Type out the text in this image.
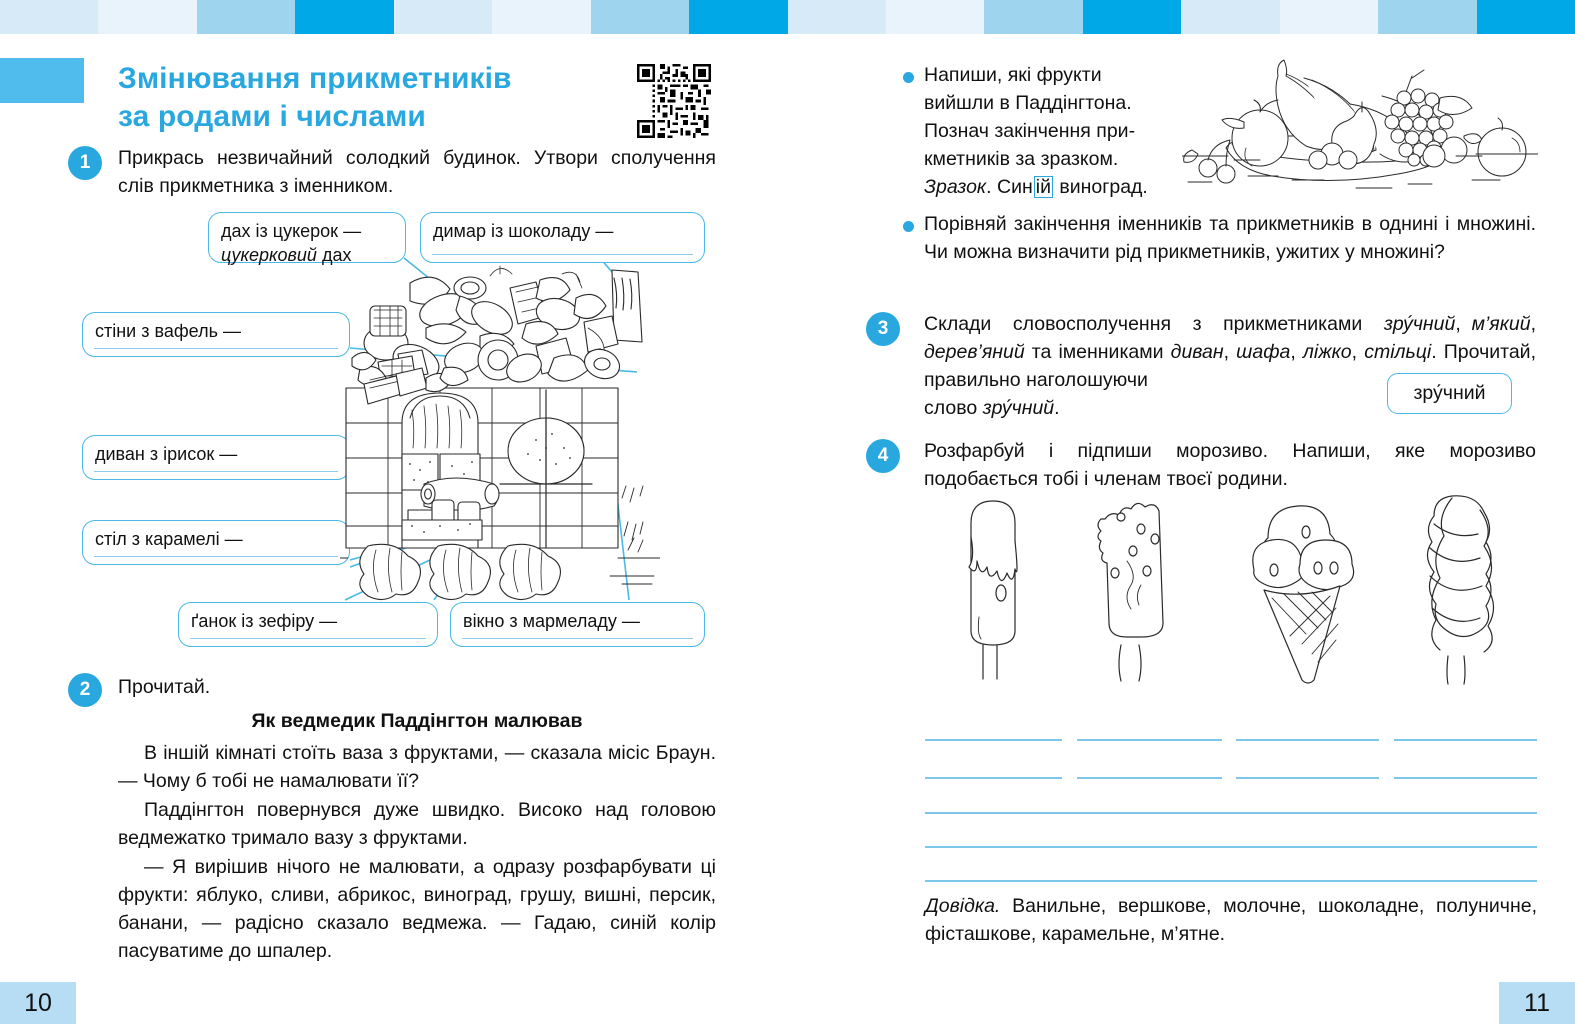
10	11
Змінювання прикметників
за родами і числами
1	Прикрась незвичайний солодкий будинок. Утвори сполучення слів прикметника з іменником.
дах із цукерок —
цукерковий дах
димар із шоколаду —
стіни з вафель —
диван з ірисок —
стіл з карамелі —
ґанок із зефіру —	вікно з мармеладу —
2	Прочитай.
Як ведмедик Паддінгтон малював
В іншій кімнаті стоїть ваза з фруктами, — сказала місіс Браун. — Чому б тобі не намалювати її?
Паддінгтон повернувся дуже швидко. Високо над головою ведмежатко тримало вазу з фруктами.
— Я вирішив нічого не малювати, а одразу розфарбувати ці фрукти: яблуко, сливи, абрикос, виноград, грушу, вишні, персик, банани, — радісно сказало ведмежа. — Гадаю, синій колір пасуватиме до шпалер.
Напиши, які фрукти
вийшли в Паддінгтона.
Познач закінчення при-
кметників за зразком.
Зразок. Син ій виноград.
Порівняй закінчення іменників та прикметників в однині і множині. Чи можна визначити рід прикметників, ужитих у множині?
3	Склади  словосполучення  з  прикметниками  зру́чний, м’який, дерев’яний та іменниками диван, шафа, ліжко, стільці. Прочитай, правильно наголошуючи
слово зру́чний.
зру́чний
4	Розфарбуй і підпиши морозиво. Напиши, яке морозиво подобається тобі і членам твоєї родини.
Довідка. Ванильне, вершкове, молочне, шоколадне, полуничне, фісташкове, карамельне, м’ятне.
